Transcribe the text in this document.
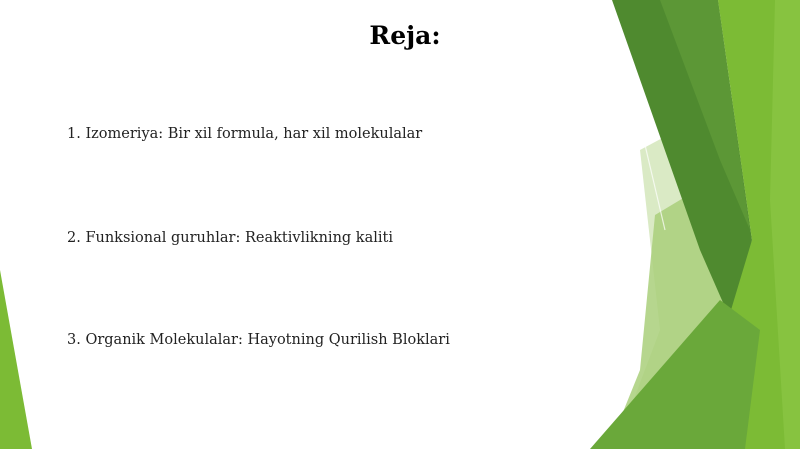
Reja:
1. Izomeriya: Bir xil formula, har xil molekulalar
2. Funksional guruhlar: Reaktivlikning kaliti
3. Organik Molekulalar: Hayotning Qurilish Bloklari
